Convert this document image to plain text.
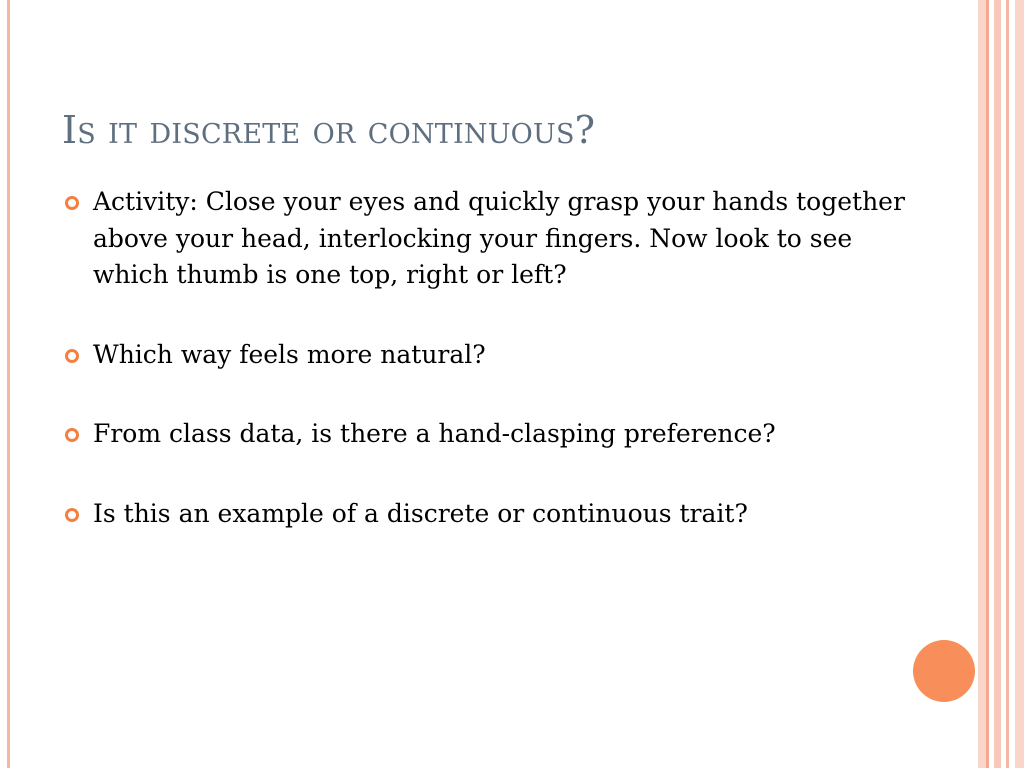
Is it discrete or continuous?
Activity: Close your eyes and quickly grasp your hands together above your head, interlocking your fingers. Now look to see which thumb is one top, right or left?
Which way feels more natural?
From class data, is there a hand-clasping preference?
Is this an example of a discrete or continuous trait?
